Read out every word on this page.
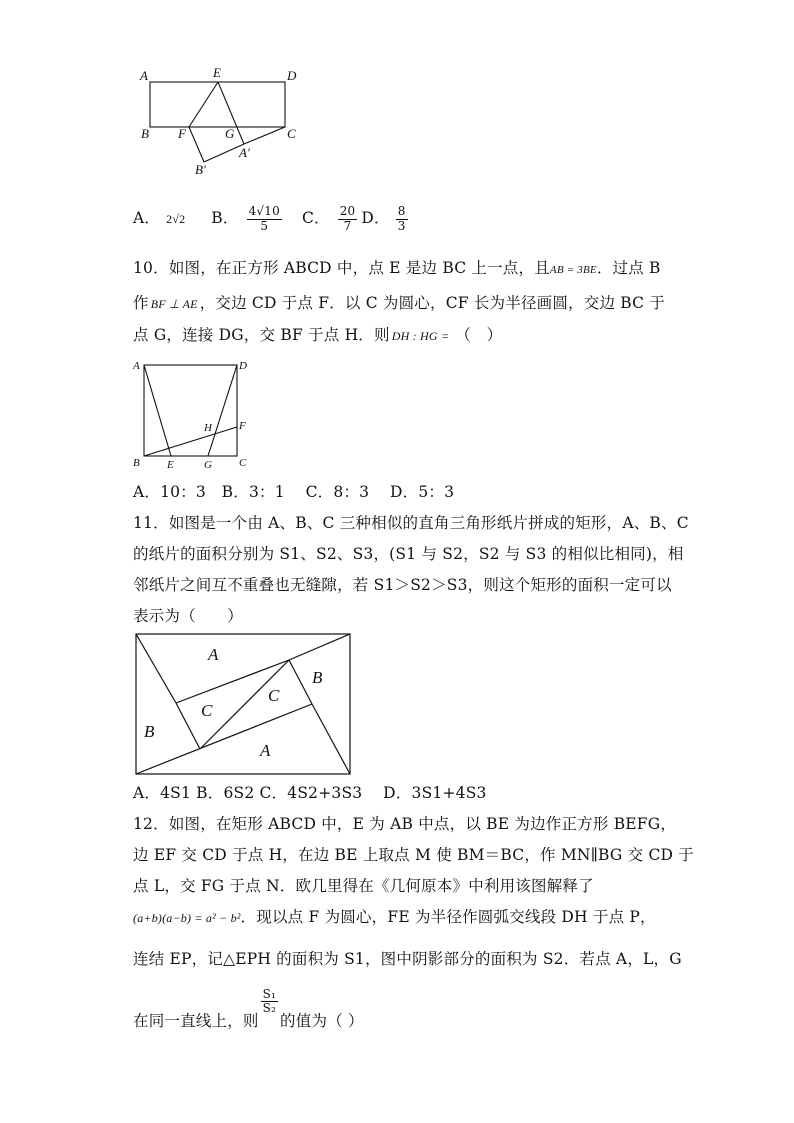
A	E	D
B F	G	C
A′
B′
A． 2√2 B． $\frac{4√10}{5}$ C． $\frac{20}{7}$ D． $\frac{8}{3}$
10．如图，在正方形 ABCD 中，点 E 是边 BC 上一点，且AB = 3BE．过点 B
作 BF ⊥ AE ，交边 CD 于点 F．以 C 为圆心，CF 长为半径画圆，交边 BC 于
点 G，连接 DG，交 BF 于点 H．则 DH : HG = （　）
A	D
H F
B E	G C
A．10：3　B．3：1　 C．8：3　 D．5：3
11．如图是一个由 A、B、C 三种相似的直角三角形纸片拼成的矩形，A、B、C
的纸片的面积分别为 S1、S2、S3，(S1 与 S2，S2 与 S3 的相似比相同)，相
邻纸片之间互不重叠也无缝隙，若 S1＞S2＞S3，则这个矩形的面积一定可以
表示为（　　）
A
B
C
C
B
A
A．4S1 B．6S2 C．4S2+3S3　 D．3S1+4S3
12．如图，在矩形 ABCD 中，E 为 AB 中点，以 BE 为边作正方形 BEFG，
边 EF 交 CD 于点 H，在边 BE 上取点 M 使 BM＝BC，作 MN∥BG 交 CD 于
点 L，交 FG 于点 N．欧几里得在《几何原本》中利用该图解释了
(a+b)(a−b) = a² − b²．现以点 F 为圆心，FE 为半径作圆弧交线段 DH 于点 P，
连结 EP，记△EPH 的面积为 S1，图中阴影部分的面积为 S2．若点 A，L，G
在同一直线上，则
$\frac{\text{S₁}}{\text{S₂}}$
的值为（ ）
